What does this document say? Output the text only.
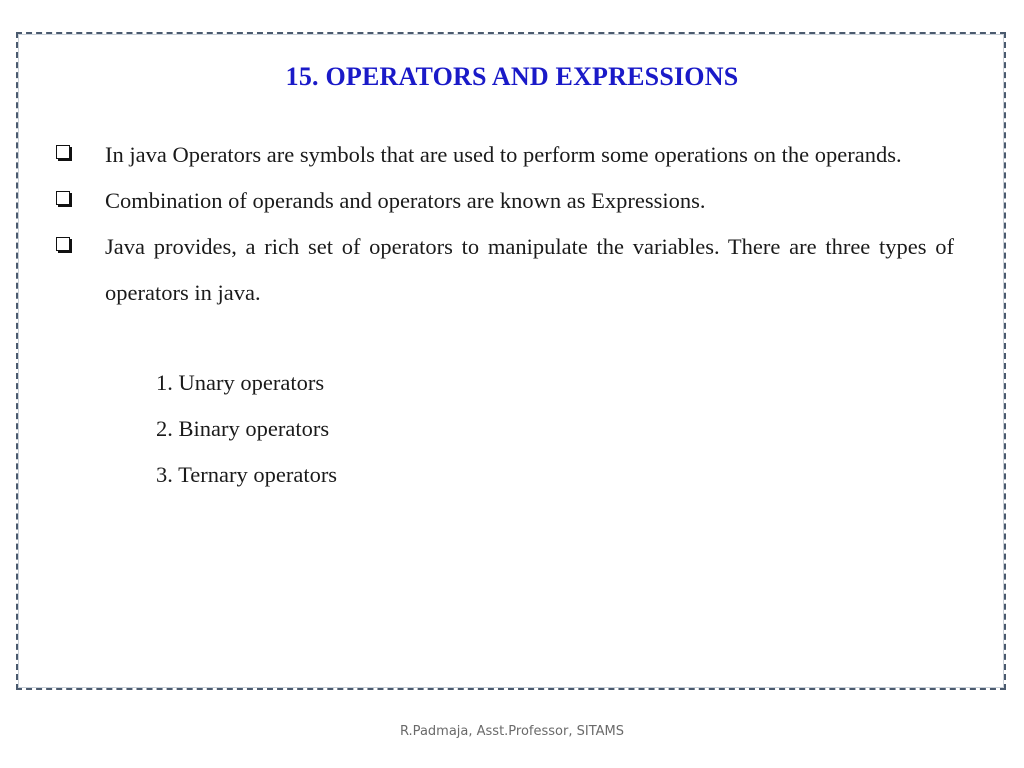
15. OPERATORS AND EXPRESSIONS
In java Operators are symbols that are used to perform some operations on the operands.
Combination of operands and operators are known as Expressions.
Java provides, a rich set of operators to manipulate the variables. There are three types of operators in java.
1. Unary operators
2. Binary operators
3. Ternary operators
R.Padmaja, Asst.Professor, SITAMS
